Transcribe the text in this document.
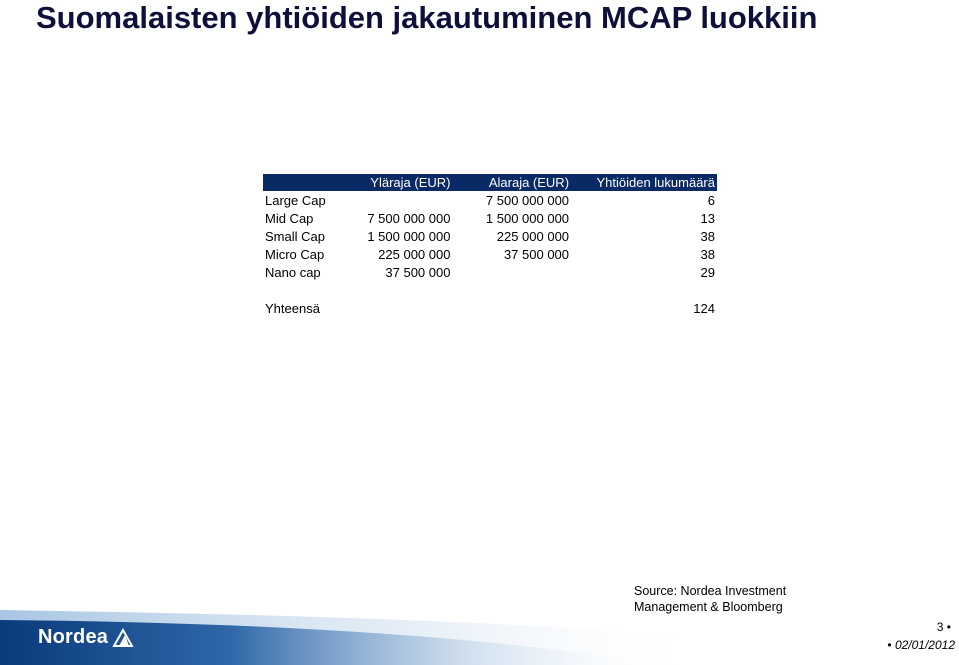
Suomalaisten yhtiöiden jakautuminen MCAP luokkiin
	Yläraja (EUR)	Alaraja (EUR)	Yhtiöiden lukumäärä
Large Cap		7 500 000 000	6
Mid Cap	7 500 000 000	1 500 000 000	13
Small Cap	1 500 000 000	225 000 000	38
Micro Cap	225 000 000	37 500 000	38
Nano cap	37 500 000		29

Yhteensä			124
Source: Nordea Investment
Management & Bloomberg
Nordea	3 •
• 02/01/2012
